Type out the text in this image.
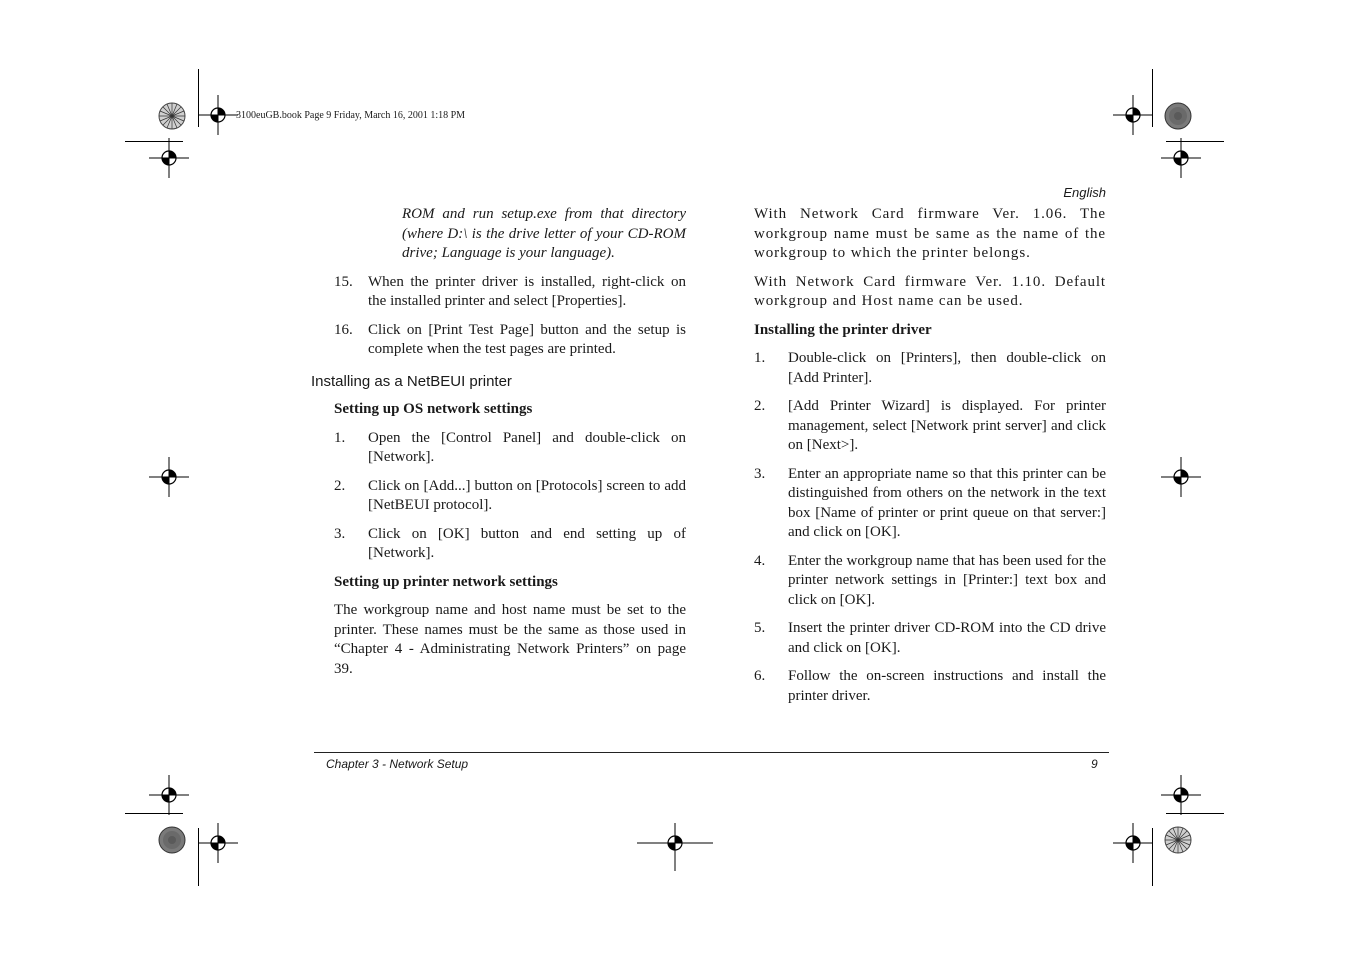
3100euGB.book Page 9 Friday, March 16, 2001 1:18 PM
English

ROM and run setup.exe from that directory (where D:\ is the drive letter of your CD-ROM drive; Language is your language).

15.	When the printer driver is installed, right-click on the installed printer and select [Properties].
16.	Click on [Print Test Page] button and the setup is complete when the test pages are printed.
Installing as a NetBEUI printer
Setting up OS network settings
1.	Open the [Control Panel] and double-click on [Network].
2.	Click on [Add...] button on [Protocols] screen to add [NetBEUI protocol].
3.	Click on [OK] button and end setting up of [Network].
Setting up printer network settings

The workgroup name and host name must be set to the printer. These names must be the same as those used in “Chapter 4 - Administrating Network Printers” on page 39.

With Network Card firmware Ver. 1.06. The workgroup name must be same as the name of the workgroup to which the printer belongs.

With Network Card firmware Ver. 1.10. Default workgroup and Host name can be used.

Installing the printer driver
1.	Double-click on [Printers], then double-click on [Add Printer].
2.	[Add Printer Wizard] is displayed. For printer management, select [Network print server] and click on [Next>].
3.	Enter an appropriate name so that this printer can be distinguished from others on the network in the text box [Name of printer or print queue on that server:] and click on [OK].
4.	Enter the workgroup name that has been used for the printer network settings in [Printer:] text box and click on [OK].
5.	Insert the printer driver CD-ROM into the CD drive and click on [OK].
6.	Follow the on-screen instructions and install the printer driver.
Chapter 3 - Network Setup	9
